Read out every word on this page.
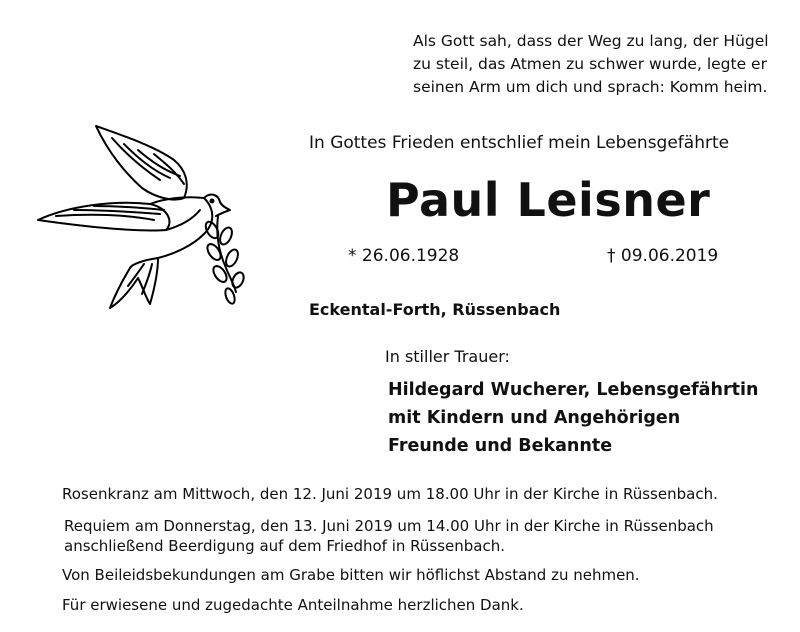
Als Gott sah, dass der Weg zu lang, der Hügel
zu steil, das Atmen zu schwer wurde, legte er
seinen Arm um dich und sprach: Komm heim.
In Gottes Frieden entschlief mein Lebensgefährte
Paul Leisner
* 26.06.1928	† 09.06.2019
Eckental-Forth, Rüssenbach
In stiller Trauer:
Hildegard Wucherer, Lebensgefährtin
mit Kindern und Angehörigen
Freunde und Bekannte
Rosenkranz am Mittwoch, den 12. Juni 2019 um 18.00 Uhr in der Kirche in Rüssenbach.
Requiem am Donnerstag, den 13. Juni 2019 um 14.00 Uhr in der Kirche in Rüssenbach
anschließend Beerdigung auf dem Friedhof in Rüssenbach.
Von Beileidsbekundungen am Grabe bitten wir höflichst Abstand zu nehmen.
Für erwiesene und zugedachte Anteilnahme herzlichen Dank.
